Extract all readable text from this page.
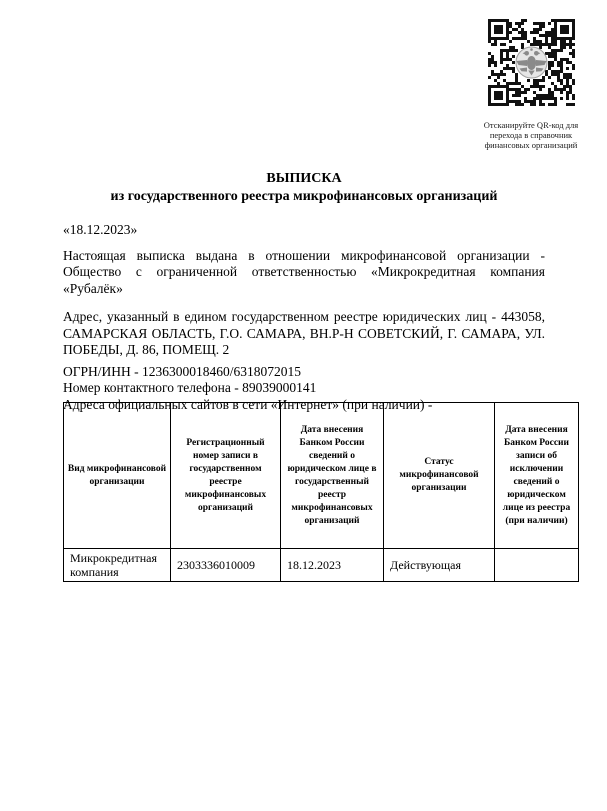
Отсканируйте QR-код для
перехода в справочник
финансовых организаций
ВЫПИСКА
из государственного реестра микрофинансовых организаций
«18.12.2023»

Настоящая выписка выдана в отношении микрофинансовой организации - Общество с ограниченной ответственностью «Микрокредитная компания «Рубалёк»

Адрес, указанный в едином государственном реестре юридических лиц - 443058, САМАРСКАЯ ОБЛАСТЬ, Г.О. САМАРА, ВН.Р-Н СОВЕТСКИЙ, Г. САМАРА, УЛ. ПОБЕДЫ, Д. 86, ПОМЕЩ. 2

ОГРН/ИНН - 1236300018460/6318072015
Номер контактного телефона - 89039000141
Адреса официальных сайтов в сети «Интернет» (при наличии) -
Вид микрофинансовой организации	Регистрационный номер записи в государственном реестре микрофинансовых организаций	Дата внесения Банком России сведений о юридическом лице в государственный реестр микрофинансовых организаций	Статус микрофинансовой организации	Дата внесения Банком России записи об исключении сведений о юридическом лице из реестра (при наличии)
Микрокредитная компания	2303336010009	18.12.2023	Действующая	
